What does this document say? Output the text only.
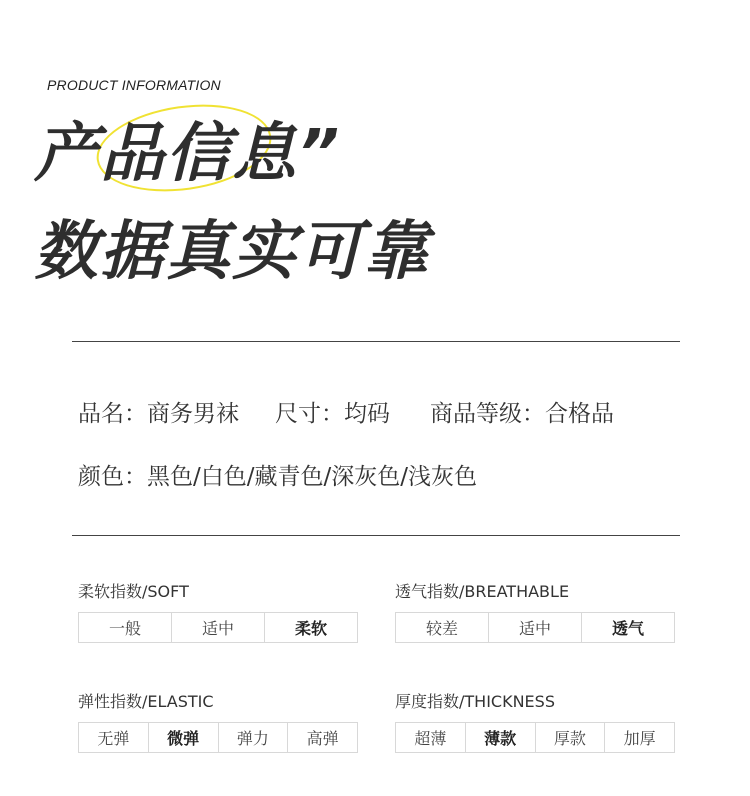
PRODUCT INFORMATION
产品信息”
数据真实可靠
品名：商务男袜 尺寸：均码 商品等级：合格品
颜色：黑色/白色/藏青色/深灰色/浅灰色
柔软指数/SOFT
一般	适中	柔软
透气指数/BREATHABLE
较差	适中	透气
弹性指数/ELASTIC
无弹	微弹	弹力	高弹
厚度指数/THICKNESS
超薄	薄款	厚款	加厚
